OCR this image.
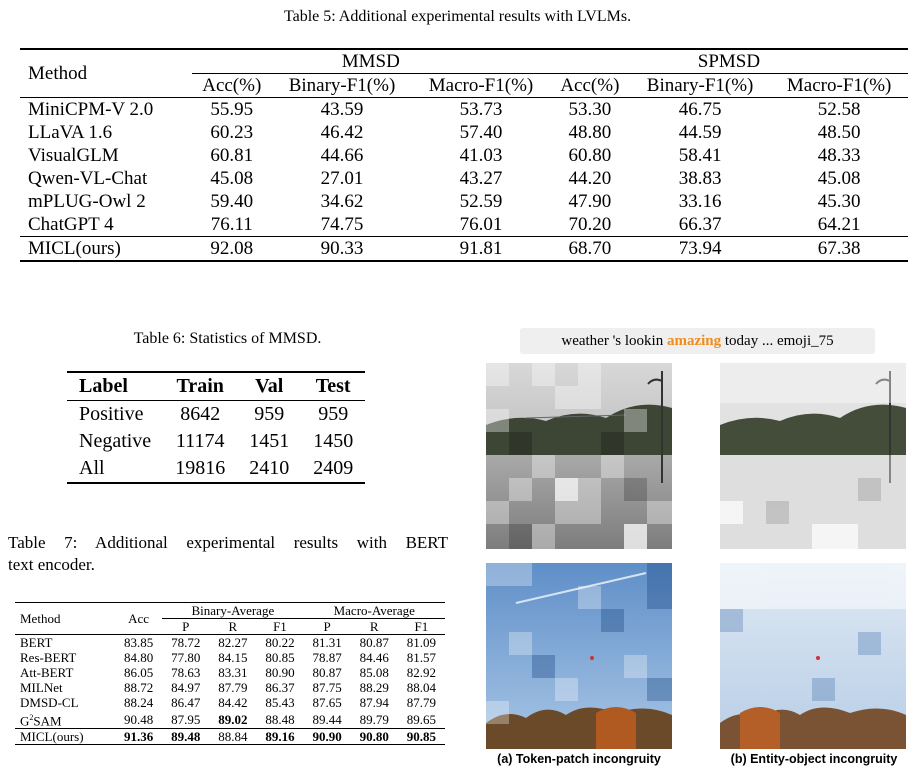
Table 5: Additional experimental results with LVLMs.
Method	MMSD			SPMSD		
	Acc(%)	Binary-F1(%)	Macro-F1(%)	Acc(%)	Binary-F1(%)	Macro-F1(%)
MiniCPM-V 2.0	55.95	43.59	53.73	53.30	46.75	52.58
LLaVA 1.6	60.23	46.42	57.40	48.80	44.59	48.50
VisualGLM	60.81	44.66	41.03	60.80	58.41	48.33
Qwen-VL-Chat	45.08	27.01	43.27	44.20	38.83	45.08
mPLUG-Owl 2	59.40	34.62	52.59	47.90	33.16	45.30
ChatGPT 4	76.11	74.75	76.01	70.20	66.37	64.21
MICL(ours)	92.08	90.33	91.81	68.70	73.94	67.38
Table 6: Statistics of MMSD.
Label	Train	Val	Test
Positive	8642	959	959
Negative	11174	1451	1450
All	19816	2410	2409
Table 7: Additional experimental results with BERT
text encoder.
Method	Acc	Binary-Average			Macro-Average		
		P	R	F1	P	R	F1
BERT	83.85	78.72	82.27	80.22	81.31	80.87	81.09
Res-BERT	84.80	77.80	84.15	80.85	78.87	84.46	81.57
Att-BERT	86.05	78.63	83.31	80.90	80.87	85.08	82.92
MILNet	88.72	84.97	87.79	86.37	87.75	88.29	88.04
DMSD-CL	88.24	86.47	84.42	85.43	87.65	87.94	87.79
$G^2SAM$	90.48	87.95	89.02	88.48	89.44	89.79	89.65
MICL(ours)	91.36	89.48	88.84	89.16	90.90	90.80	90.85
weather 's lookin amazing today ... emoji_75
(a) Token-patch incongruity	(b) Entity-object incongruity
